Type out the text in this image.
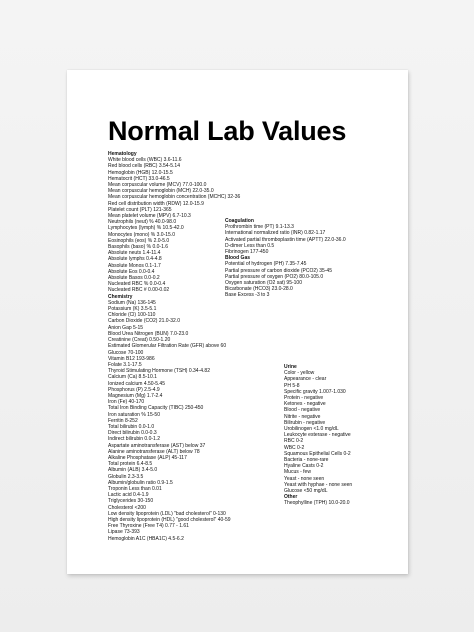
Normal Lab Values
Hematology
White blood cells (WBC) 3.6-11.6
Red blood cells (RBC) 3.54-5.14
Hemoglobin (HGB) 12.0-15.5
Hematocrit (HCT) 33.0-46.5
Mean corpuscular volume (MCV) 77.0-100.0
Mean corpuscular hemoglobin (MCH) 22.0-35.0
Mean corpuscular hemoglobin concentration (MCHC) 32-36
Red cell distribution width (RDW) 12.0-15.9
Platelet count (PLT) 121-365
Mean platelet volume (MPV) 6.7-10.3
Neutrophils (neut) % 40.0-98.0
Lymphocytes (lymph) % 10.5-42.0
Monocytes (mono) % 3.0-15.0
Eosinophils (eos) % 2.0-5.0
Basophils (baso) % 0.0-1.6
Absolute neuts 1.4-11.4
Absolute lymphs 0.4-4.8
Absolute Monos 0.1-1.7
Absolute Eos 0.0-0.4
Absolute Basos 0.0-0.2
Nucleated RBC % 0.0-0.4
Nucleated RBC # 0.00-0.02
Chemistry
Sodium (Na) 136-145
Potassium (K) 3.5-5.1
Chloride (Cl) 100-110
Carbon Dioxide (CO2) 21.0-32.0
Anion Gap 5-15
Blood Urea Nitrogen (BUN) 7.0-23.0
Creatinine (Creat) 0.50-1.20
Estimated Glomerular Filtration Rate (GFR) above 60
Glucose 70-100
Vitamin B12 193-986
Folate 3.1-17.5
Thyroid Stimulating Hormone (TSH) 0.34-4.82
Calcium (Ca) 8.5-10.1
Ionized calcium 4.50-5.45
Phosphorus (P) 2.5-4.9
Magnesium (Mg) 1.7-2.4
Iron (Fe) 40-170
Total Iron Binding Capacity (TIBC) 250-450
Iron saturation % 15-50
Ferritin 8-252
Total bilirubin 0.0-1.0
Direct bilirubin 0.0-0.3
Indirect bilirubin 0.0-1.2
Aspartate aminotransferase (AST) below 37
Alanine aminotransferase (ALT) below 78
Alkaline Phosphatase (ALP) 45-117
Total protein 6.4-8.5
Albumin (ALB) 3.4-5.0
Globulin 2.3-3.5
Albumin/globulin ratio 0.9-1.5
Troponin Less than 0.01
Lactic acid 0.4-1.9
Triglycerides 30-150
Cholesterol <200
Low density lipoprotein (LDL) "bad cholesterol" 0-130
High density lipoprotein (HDL) "good cholesterol" 40-59
Free Thyroxine (Free T4) 0.77 - 1.61
Lipase 73-393
Hemoglobin A1C (HBA1C) 4.5-6.2
Coagulation
Prothrombin time (PT) 9.1-13.3
International normalized ratio (INR) 0.82-1.17
Activated partial thromboplastin time (APTT) 22.0-36.0
D-dimer Less than 0.5
Fibrinogen 177-450
Blood Gas
Potential of hydrogen (PH) 7.35-7.45
Partial pressure of carbon dioxide (PCO2) 35-45
Partial pressure of oxygen (PO2) 80.0-105.0
Oxygen saturation (O2 sat) 95-100
Bicarbonate (HCO3) 23.0-28.0
Base Excess -3 to 3
Urine
Color - yellow
Appearance - clear
PH 5-8
Specific gravity 1.007-1.030
Protein - negative
Ketones - negative
Blood - negative
Nitrite - negative
Bilirubin - negative
Urobilinogen <1.0 mg/dL
Leukocyte esterase - negative
RBC 0-2
WBC 0-2
Squamous Epithelial Cells 0-2
Bacteria - none-rare
Hyaline Casts 0-2
Mucus - few
Yeast - none seen
Yeast with hyphae - none seen
Glucose <50 mg/dL
Other
Theophylline (TPH) 10.0-20.0
